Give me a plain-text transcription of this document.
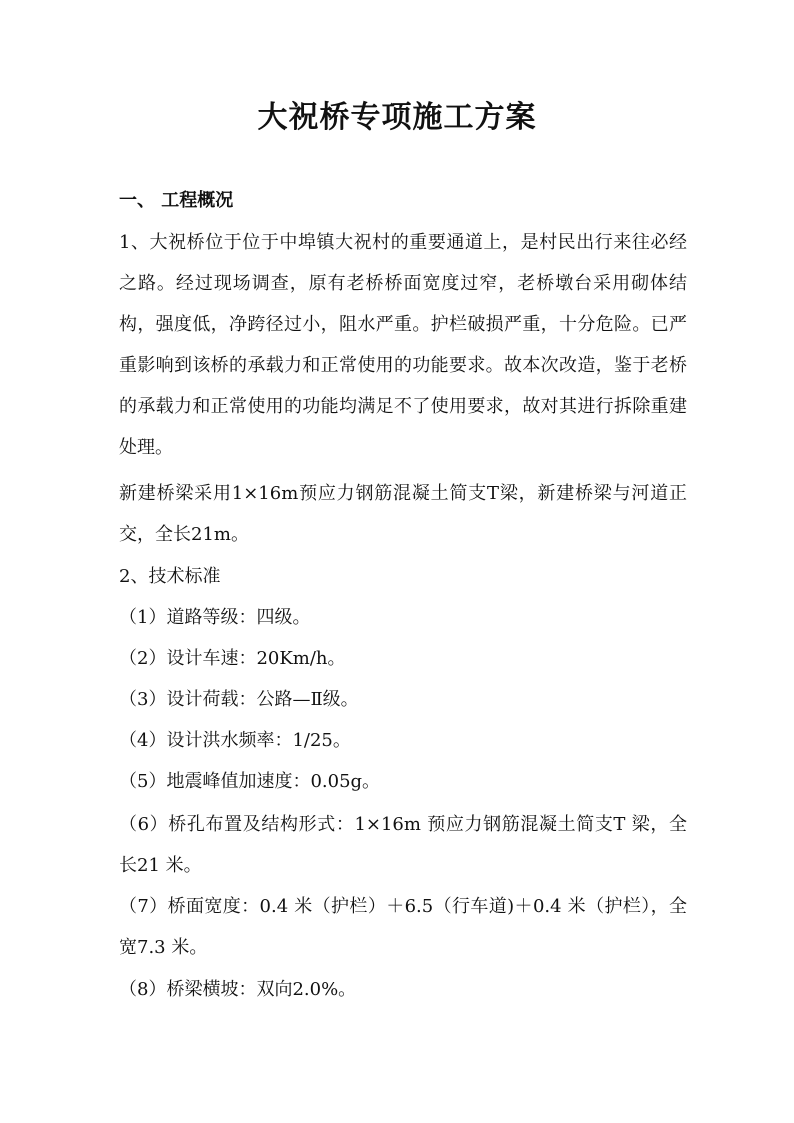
大祝桥专项施工方案
一、 工程概况

1、大祝桥位于位于中埠镇大祝村的重要通道上，是村民出行来往必经之路。经过现场调查，原有老桥桥面宽度过窄，老桥墩台采用砌体结构，强度低，净跨径过小，阻水严重。护栏破损严重，十分危险。已严重影响到该桥的承载力和正常使用的功能要求。故本次改造，鉴于老桥的承载力和正常使用的功能均满足不了使用要求，故对其进行拆除重建处理。

新建桥梁采用1×16m预应力钢筋混凝土简支T梁，新建桥梁与河道正交，全长21m。

2、技术标准

（1）道路等级：四级。

（2）设计车速：20Km/h。

（3）设计荷载：公路—Ⅱ级。

（4）设计洪水频率：1/25。

（5）地震峰值加速度：0.05g。

（6）桥孔布置及结构形式：1×16m 预应力钢筋混凝土简支T 梁，全长21 米。

（7）桥面宽度：0.4 米（护栏）＋6.5（行车道)＋0.4 米（护栏），全宽7.3 米。

（8）桥梁横坡：双向2.0%。
